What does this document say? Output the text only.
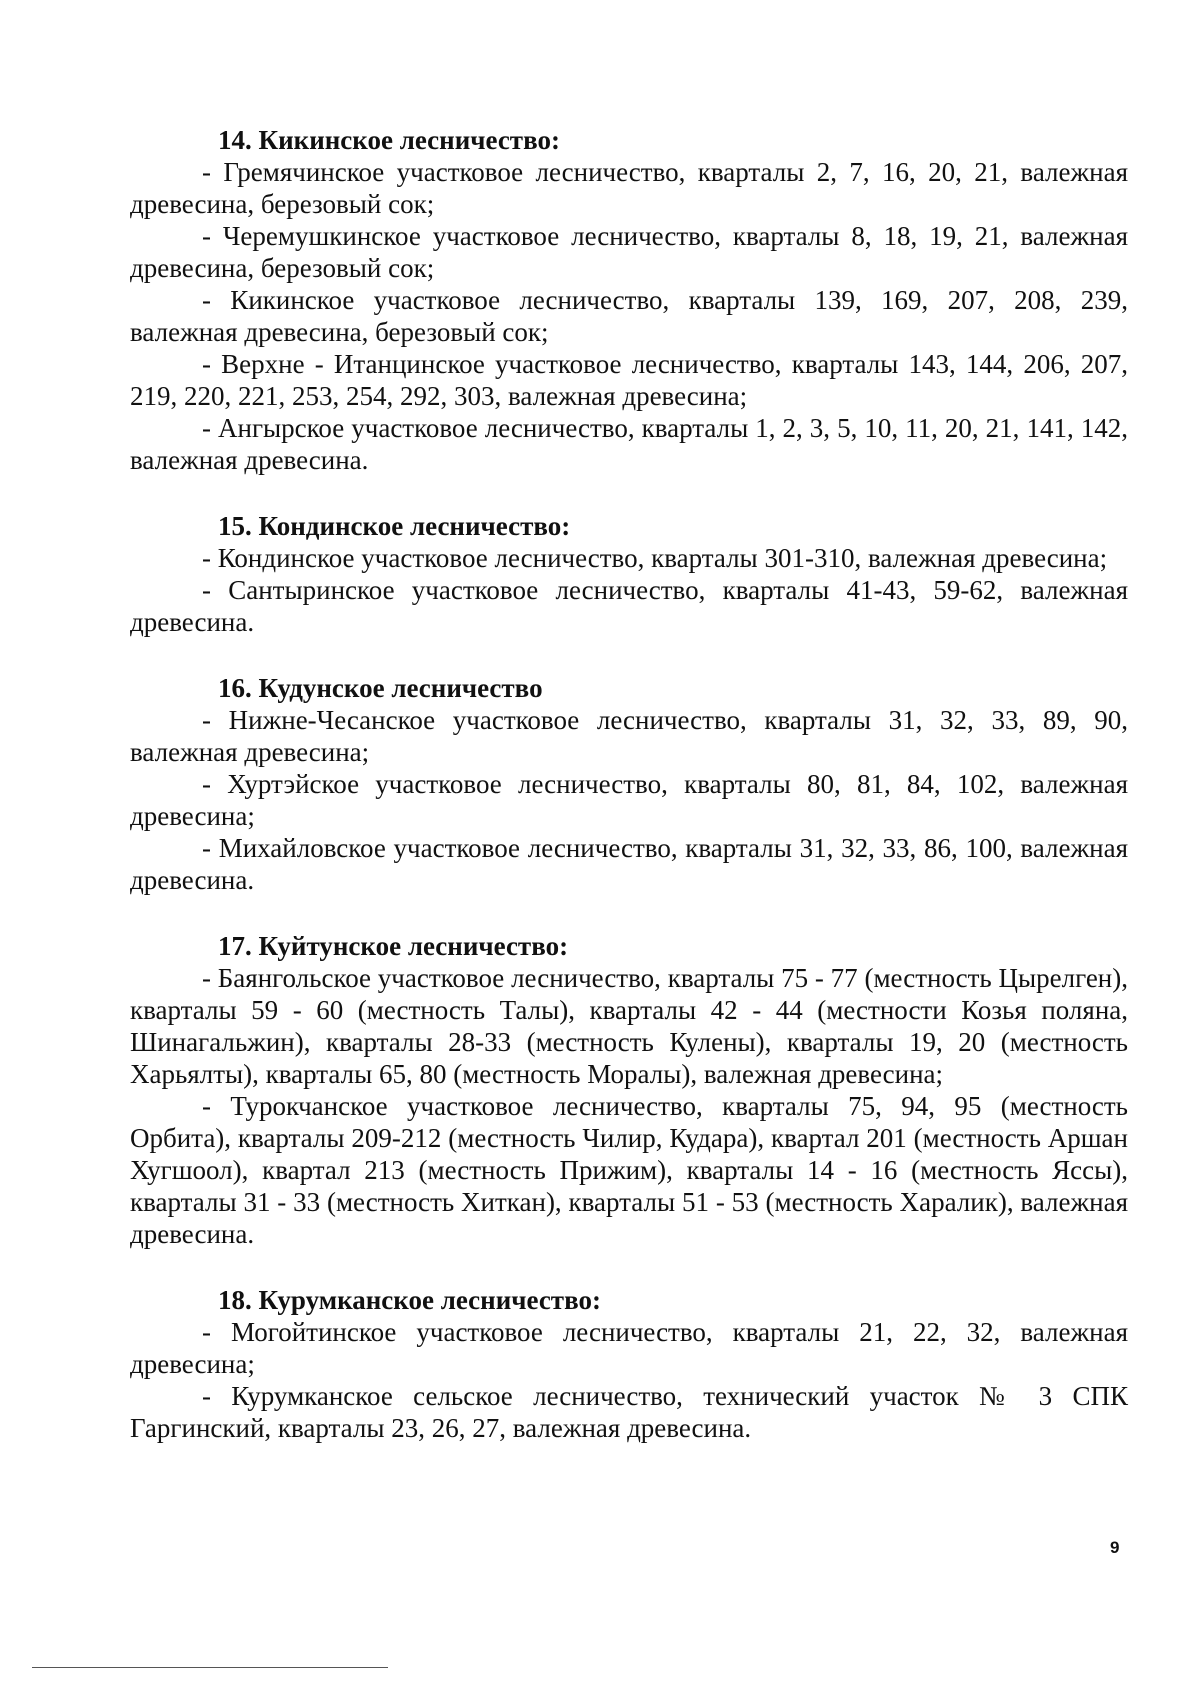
14. Кикинское лесничество:

- Гремячинское участковое лесничество, кварталы 2, 7, 16, 20, 21, валежная древесина, березовый сок;

- Черемушкинское участковое лесничество, кварталы 8, 18, 19, 21, валежная древесина, березовый сок;

- Кикинское участковое лесничество, кварталы 139, 169, 207, 208, 239, валежная древесина, березовый сок;

- Верхне - Итанцинское участковое лесничество, кварталы 143, 144, 206, 207, 219, 220, 221, 253, 254, 292, 303, валежная древесина;

- Ангырское участковое лесничество, кварталы 1, 2, 3, 5, 10, 11, 20, 21, 141, 142, валежная древесина.

15. Кондинское лесничество:

- Кондинское участковое лесничество, кварталы 301-310, валежная древесина;

- Сантыринское участковое лесничество, кварталы 41-43, 59-62, валежная древесина.

16. Кудунское лесничество

- Нижне-Чесанское участковое лесничество, кварталы 31, 32, 33, 89, 90, валежная древесина;

- Хуртэйское участковое лесничество, кварталы 80, 81, 84, 102, валежная древесина;

- Михайловское участковое лесничество, кварталы 31, 32, 33, 86, 100, валежная древесина.

17. Куйтунское лесничество:

- Баянгольское участковое лесничество, кварталы 75 - 77 (местность Цырелген), кварталы 59 - 60 (местность Талы), кварталы 42 - 44 (местности Козья поляна, Шинагальжин), кварталы 28-33 (местность Кулены), кварталы 19, 20 (местность Харьялты), кварталы 65, 80 (местность Моралы), валежная древесина;

- Турокчанское участковое лесничество, кварталы 75, 94, 95 (местность Орбита), кварталы 209-212 (местность Чилир, Кудара), квартал 201 (местность Аршан Хугшоол), квартал 213 (местность Прижим), кварталы 14 - 16 (местность Яссы), кварталы 31 - 33 (местность Хиткан), кварталы 51 - 53 (местность Харалик), валежная древесина.

18. Курумканское лесничество:

- Могойтинское участковое лесничество, кварталы 21, 22, 32, валежная древесина;

- Курумканское сельское лесничество, технический участок № 3 СПК Гаргинский, кварталы 23, 26, 27, валежная древесина.

9
